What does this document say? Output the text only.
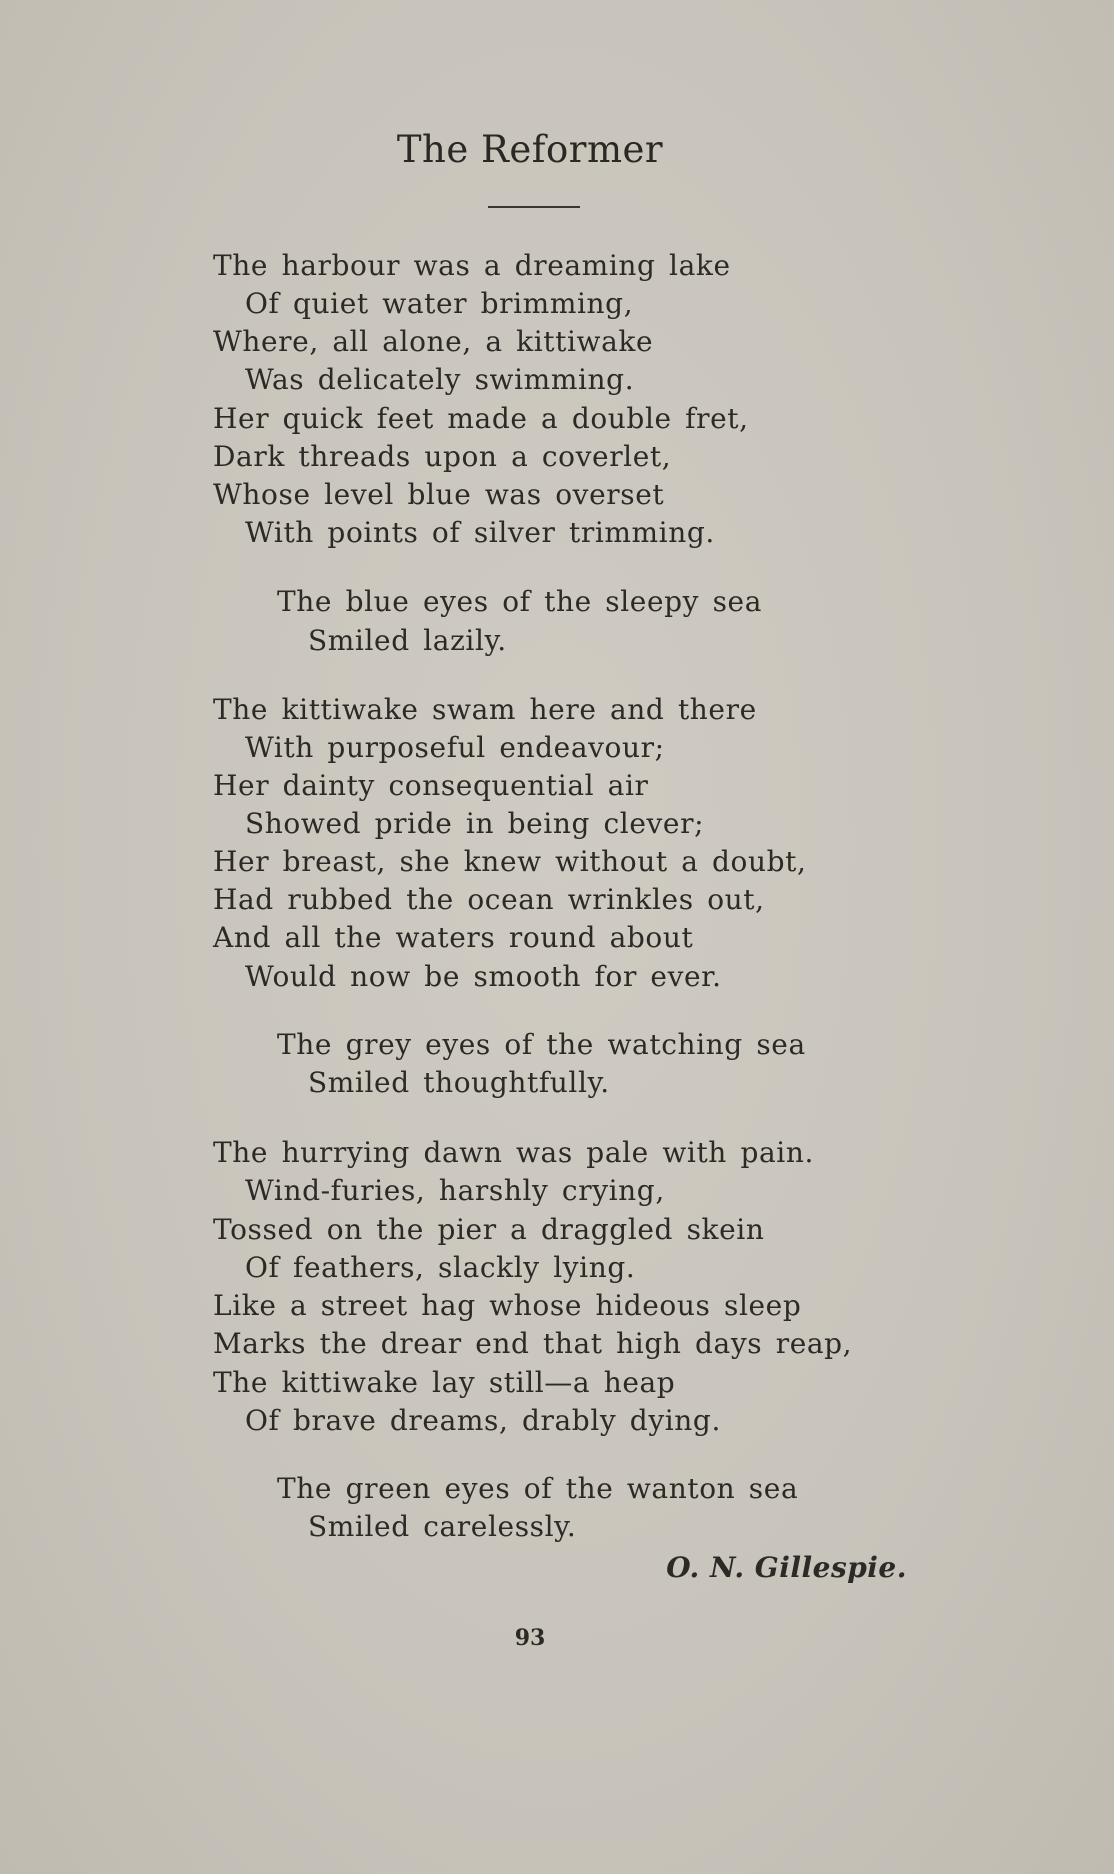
The Reformer
The harbour was a dreaming lake
Of quiet water brimming,
Where, all alone, a kittiwake
Was delicately swimming.
Her quick feet made a double fret,
Dark threads upon a coverlet,
Whose level blue was overset
With points of silver trimming.
The blue eyes of the sleepy sea
Smiled lazily.
The kittiwake swam here and there
With purposeful endeavour;
Her dainty consequential air
Showed pride in being clever;
Her breast, she knew without a doubt,
Had rubbed the ocean wrinkles out,
And all the waters round about
Would now be smooth for ever.
The grey eyes of the watching sea
Smiled thoughtfully.
The hurrying dawn was pale with pain.
Wind-furies, harshly crying,
Tossed on the pier a draggled skein
Of feathers, slackly lying.
Like a street hag whose hideous sleep
Marks the drear end that high days reap,
The kittiwake lay still—a heap
Of brave dreams, drably dying.
The green eyes of the wanton sea
Smiled carelessly.
O. N. Gillespie.
93
